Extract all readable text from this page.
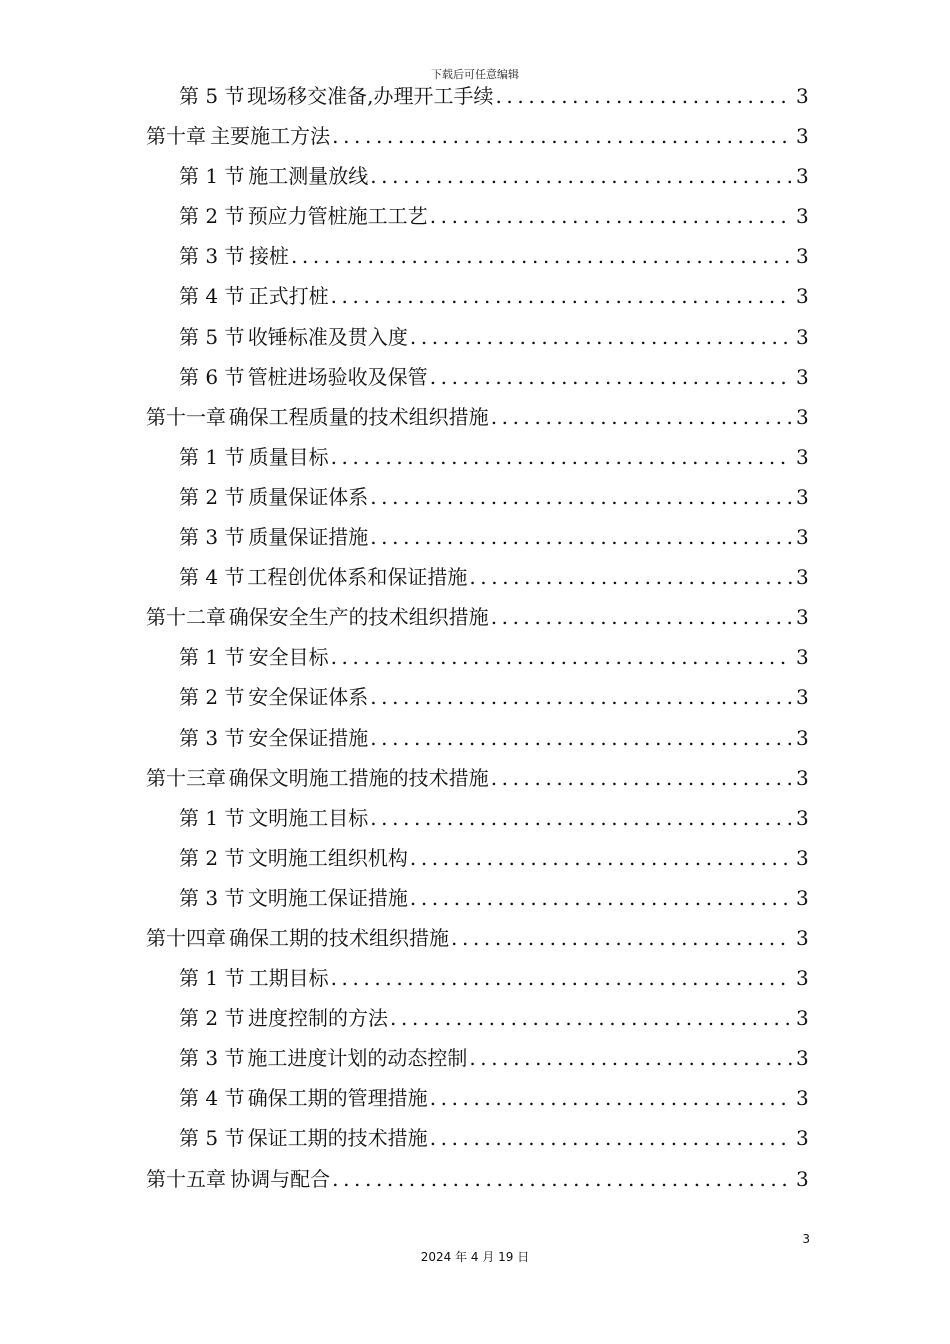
下载后可任意编辑
第 5 节 现场移交准备,办理开工手续 .....	3
第十章 主要施工方法 .....	3
第 1 节 施工测量放线 .....	3
第 2 节 预应力管桩施工工艺 .....	3
第 3 节 接桩 .....	3
第 4 节 正式打桩 .....	3
第 5 节 收锤标准及贯入度 .....	3
第 6 节 管桩进场验收及保管 .....	3
第十一章 确保工程质量的技术组织措施 .....	3
第 1 节 质量目标 .....	3
第 2 节 质量保证体系 .....	3
第 3 节 质量保证措施 .....	3
第 4 节 工程创优体系和保证措施 .....	3
第十二章 确保安全生产的技术组织措施 .....	3
第 1 节 安全目标 .....	3
第 2 节 安全保证体系 .....	3
第 3 节 安全保证措施 .....	3
第十三章 确保文明施工措施的技术措施 .....	3
第 1 节 文明施工目标 .....	3
第 2 节 文明施工组织机构 .....	3
第 3 节 文明施工保证措施 .....	3
第十四章 确保工期的技术组织措施 .....	3
第 1 节 工期目标 .....	3
第 2 节 进度控制的方法 .....	3
第 3 节 施工进度计划的动态控制 .....	3
第 4 节 确保工期的管理措施 .....	3
第 5 节 保证工期的技术措施 .....	3
第十五章 协调与配合 .....	3
3
2024 年 4 月 19 日
